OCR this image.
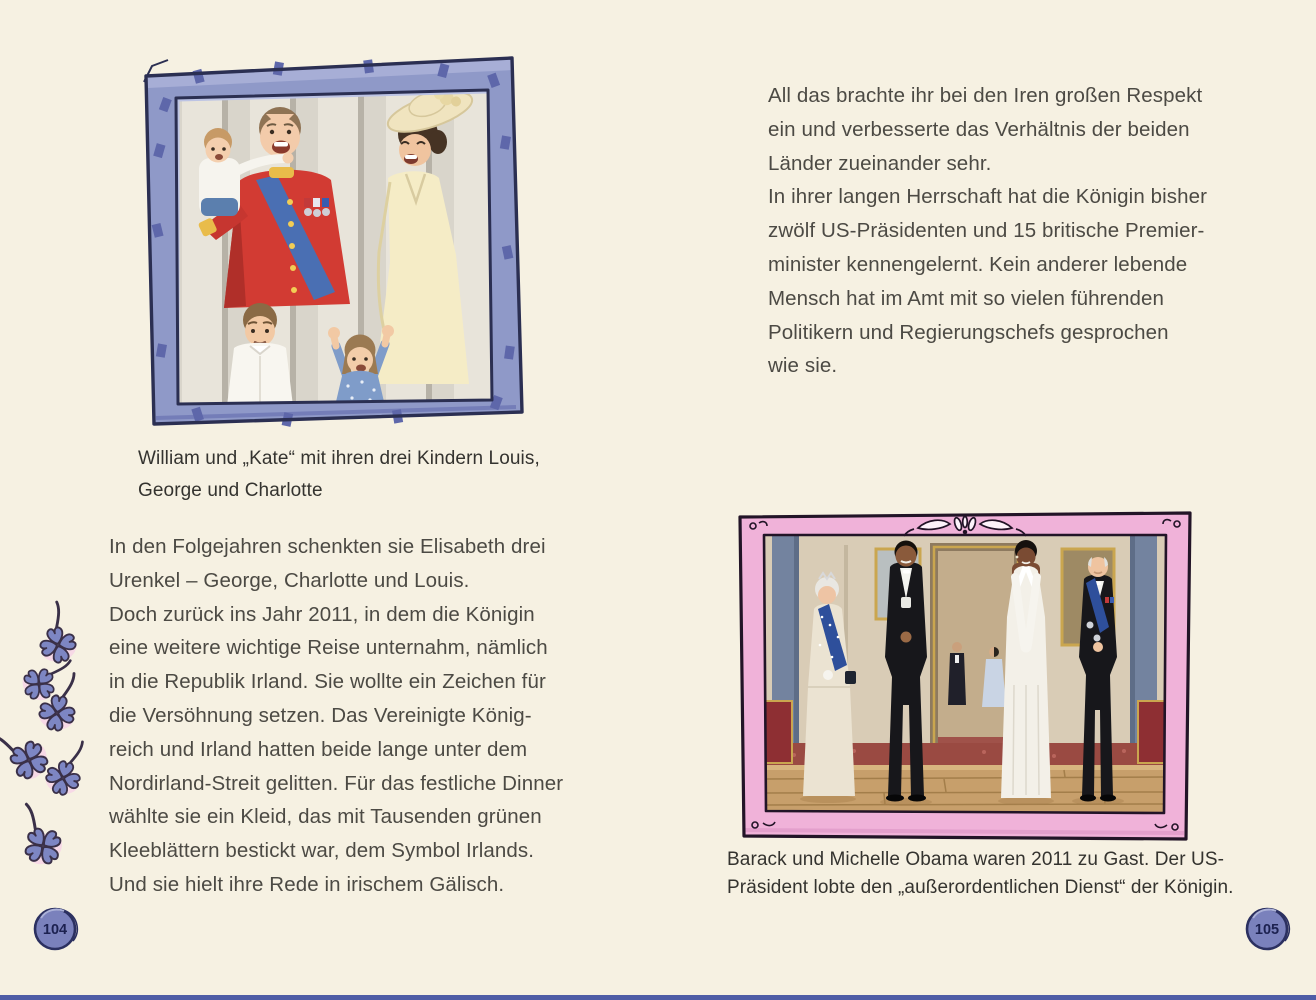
William und „Kate“ mit ihren drei Kindern Louis,
George und Charlotte
In den Folgejahren schenkten sie Elisabeth drei
Urenkel – George, Charlotte und Louis.
Doch zurück ins Jahr 2011, in dem die Königin
eine weitere wichtige Reise unternahm, nämlich
in die Republik Irland. Sie wollte ein Zeichen für
die Versöhnung setzen. Das Vereinigte König-
reich und Irland hatten beide lange unter dem
Nordirland-Streit gelitten. Für das festliche Dinner
wählte sie ein Kleid, das mit Tausenden grünen
Kleeblättern bestickt war, dem Symbol Irlands.
Und sie hielt ihre Rede in irischem Gälisch.
104
All das brachte ihr bei den Iren großen Respekt
ein und verbesserte das Verhältnis der beiden
Länder zueinander sehr.
In ihrer langen Herrschaft hat die Königin bisher
zwölf US-Präsidenten und 15 britische Premier-
minister kennengelernt. Kein anderer lebende
Mensch hat im Amt mit so vielen führenden
Politikern und Regierungschefs gesprochen
wie sie.
Barack und Michelle Obama waren 2011 zu Gast. Der US-
Präsident lobte den „außerordentlichen Dienst“ der Königin.
105
